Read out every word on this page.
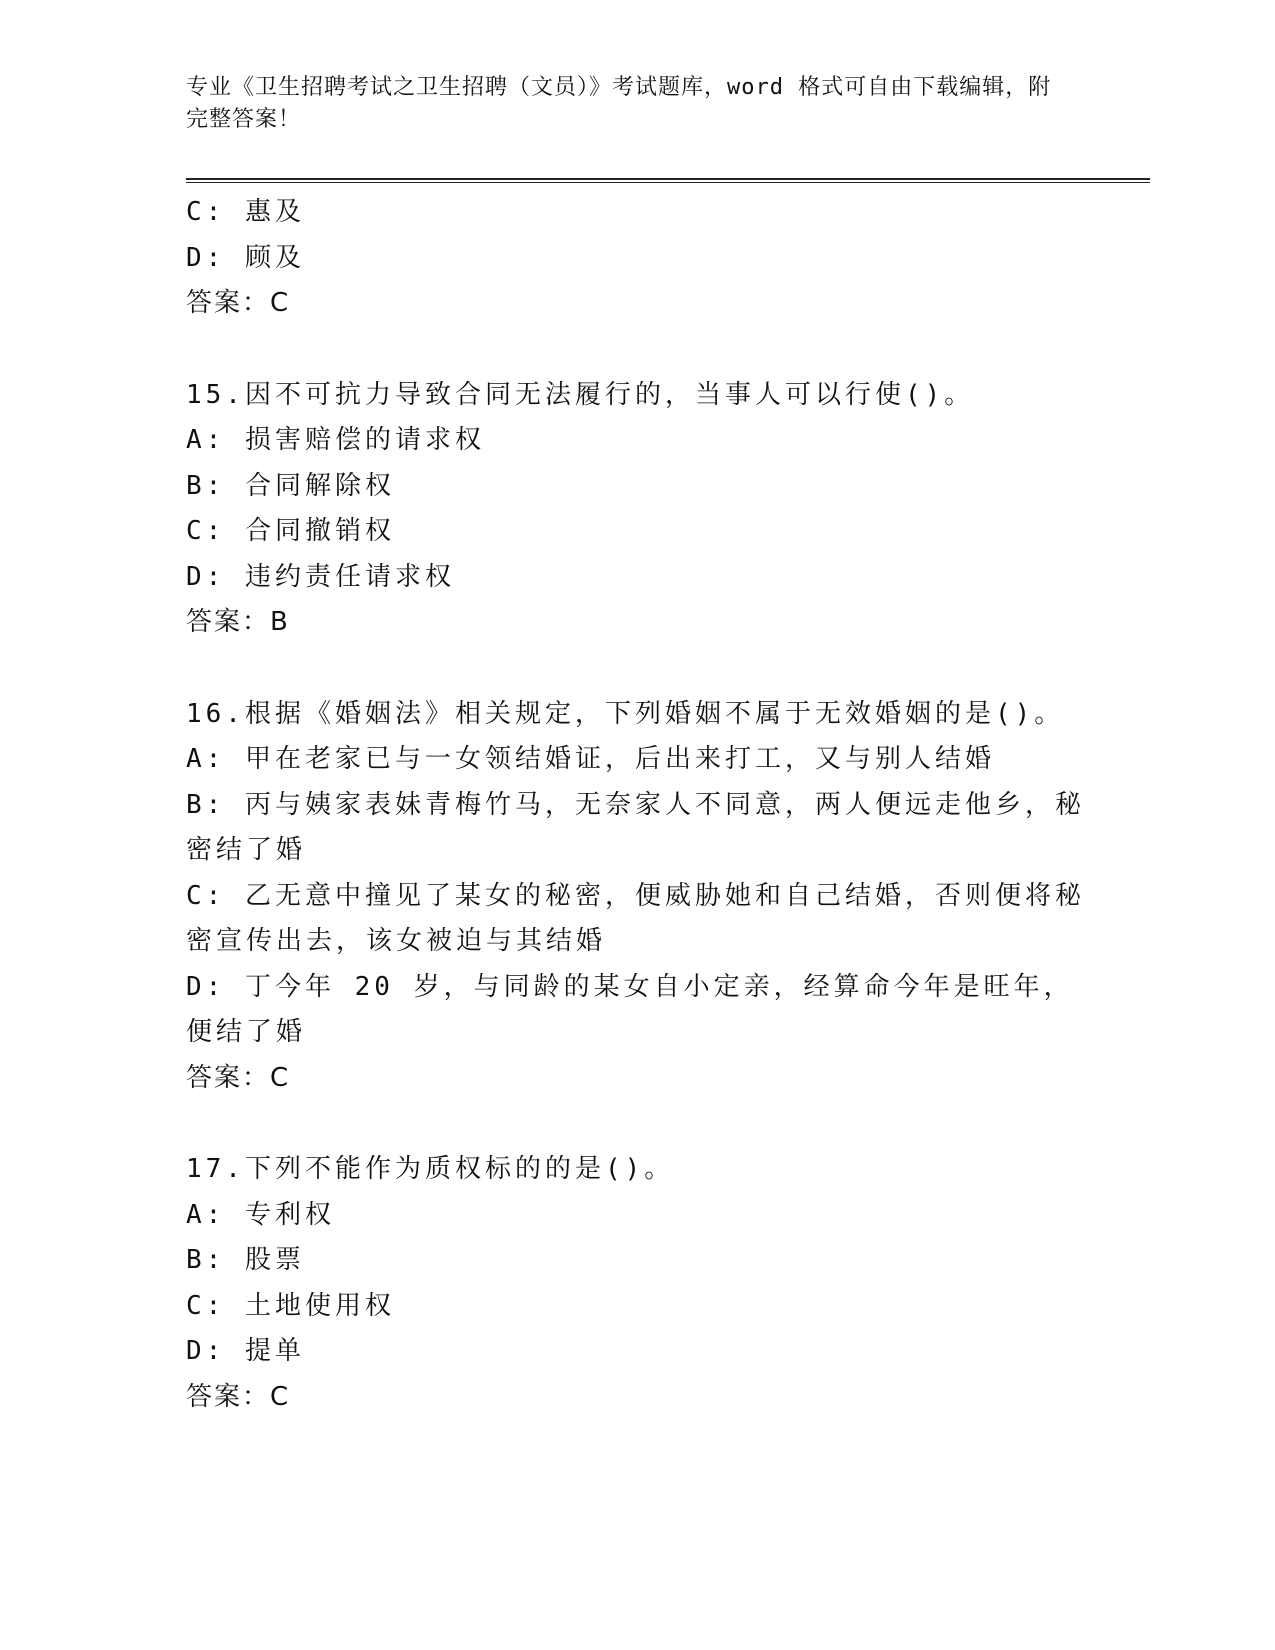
专业《卫生招聘考试之卫生招聘（文员）》考试题库，word 格式可自由下载编辑，附完整答案！

C: 惠及

D: 顾及

答案：C

15.因不可抗力导致合同无法履行的，当事人可以行使()。

A: 损害赔偿的请求权

B: 合同解除权

C: 合同撤销权

D: 违约责任请求权

答案：B

16.根据《婚姻法》相关规定，下列婚姻不属于无效婚姻的是()。

A: 甲在老家已与一女领结婚证，后出来打工，又与别人结婚

B: 丙与姨家表妹青梅竹马，无奈家人不同意，两人便远走他乡，秘密结了婚

C: 乙无意中撞见了某女的秘密，便威胁她和自己结婚，否则便将秘密宣传出去，该女被迫与其结婚

D: 丁今年 20 岁，与同龄的某女自小定亲，经算命今年是旺年，便结了婚

答案：C

17.下列不能作为质权标的的是()。

A: 专利权

B: 股票

C: 土地使用权

D: 提单

答案：C
